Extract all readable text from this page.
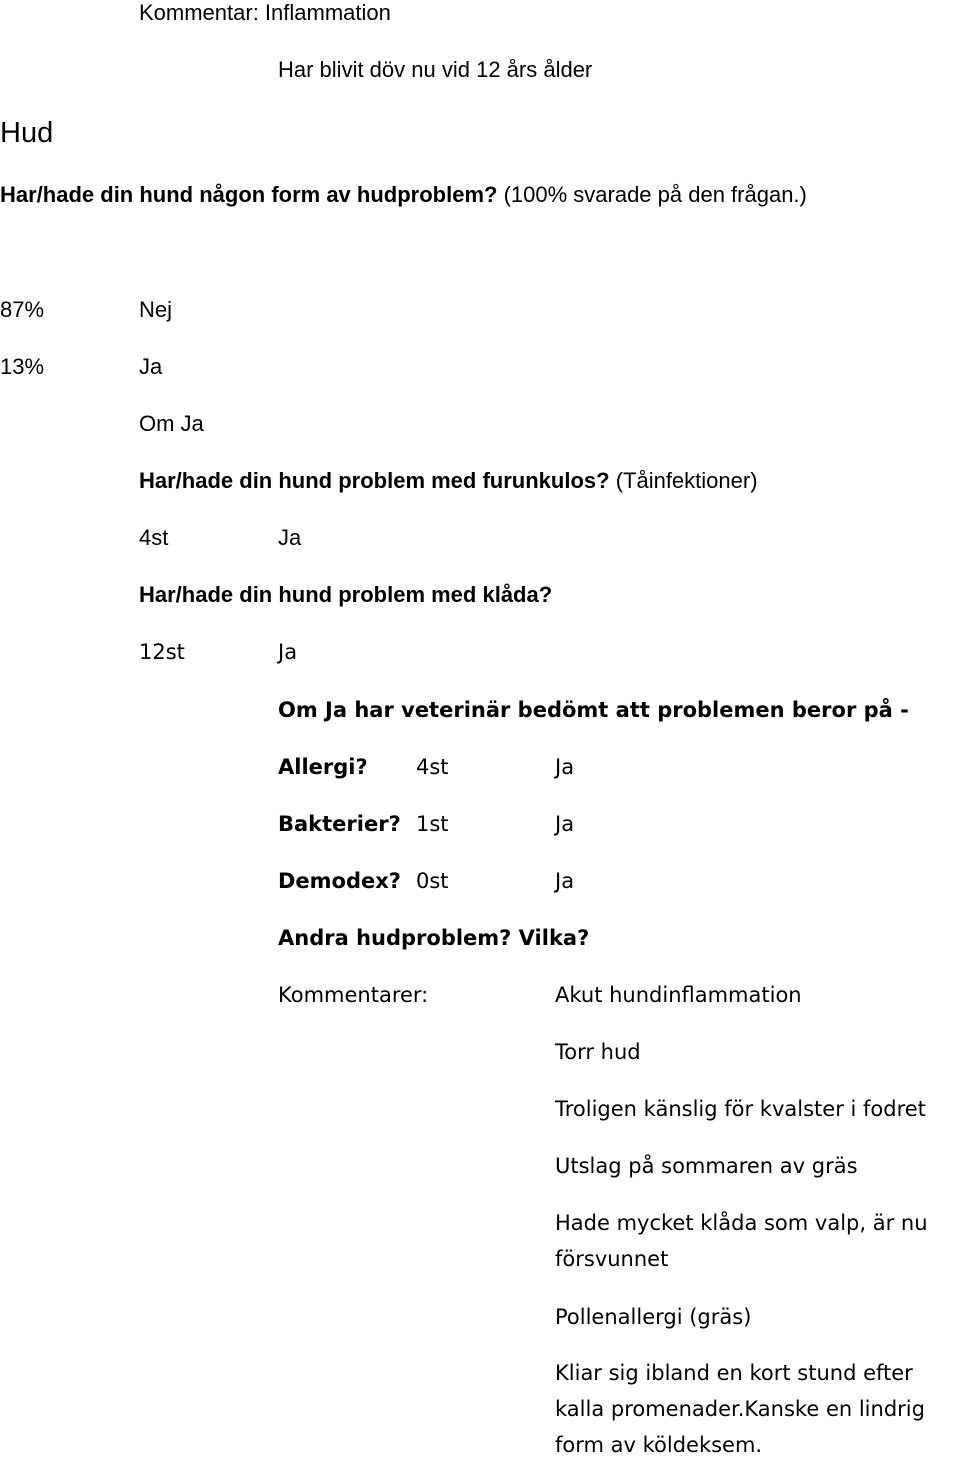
Kommentar: Inflammation
Har blivit döv nu vid 12 års ålder
Hud
Har/hade din hund någon form av hudproblem? (100% svarade på den frågan.)
87%	Nej
13%	Ja
Om Ja
Har/hade din hund problem med furunkulos? (Tåinfektioner)
4st	Ja
Har/hade din hund problem med klåda?
12st	Ja
Om Ja har veterinär bedömt att problemen beror på -
Allergi? 4st	Ja
Bakterier? 1st	Ja
Demodex? 0st	Ja
Andra hudproblem? Vilka?
Kommentarer:	Akut hundinflammation
Torr hud
Troligen känslig för kvalster i fodret
Utslag på sommaren av gräs
Hade mycket klåda som valp, är nu försvunnet
Pollenallergi (gräs)
Kliar sig ibland en kort stund efter kalla promenader.Kanske en lindrig form av köldeksem.
